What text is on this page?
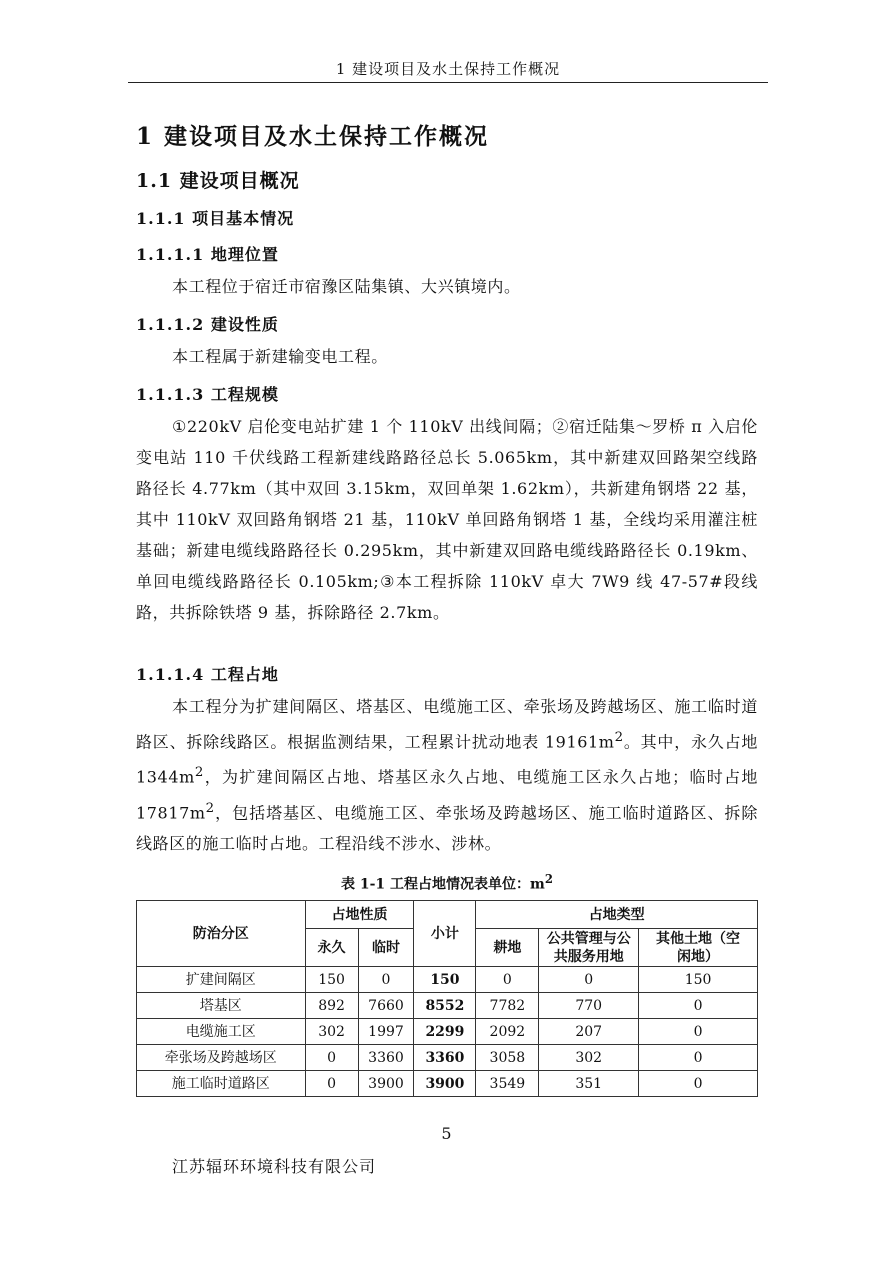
1 建设项目及水土保持工作概况
1 建设项目及水土保持工作概况
1.1 建设项目概况
1.1.1 项目基本情况
1.1.1.1 地理位置

本工程位于宿迁市宿豫区陆集镇、大兴镇境内。

1.1.1.2 建设性质

本工程属于新建输变电工程。

1.1.1.3 工程规模

①220kV 启伦变电站扩建 1 个 110kV 出线间隔；②宿迁陆集～罗桥 π 入启伦变电站 110 千伏线路工程新建线路路径总长 5.065km，其中新建双回路架空线路路径长 4.77km（其中双回 3.15km，双回单架 1.62km），共新建角钢塔 22 基，其中 110kV 双回路角钢塔 21 基，110kV 单回路角钢塔 1 基，全线均采用灌注桩基础；新建电缆线路路径长 0.295km，其中新建双回路电缆线路路径长 0.19km、单回电缆线路路径长 0.105km;③本工程拆除 110kV 卓大 7W9 线 47-57#段线路，共拆除铁塔 9 基，拆除路径 2.7km。

1.1.1.4 工程占地

本工程分为扩建间隔区、塔基区、电缆施工区、牵张场及跨越场区、施工临时道路区、拆除线路区。根据监测结果，工程累计扰动地表 $19161m^2$。其中，永久占地 $1344m^2$，为扩建间隔区占地、塔基区永久占地、电缆施工区永久占地；临时占地 $17817m^2$，包括塔基区、电缆施工区、牵张场及跨越场区、施工临时道路区、拆除线路区的施工临时占地。工程沿线不涉水、涉林。

表 1-1 工程占地情况表单位：$m^2$
防治分区	占地性质		小计	占地类型		
	永久	临时		耕地	公共管理与公共服务用地	其他土地（空闲地）
扩建间隔区	150	0	150	0	0	150
塔基区	892	7660	8552	7782	770	0
电缆施工区	302	1997	2299	2092	207	0
牵张场及跨越场区	0	3360	3360	3058	302	0
施工临时道路区	0	3900	3900	3549	351	0
5
江苏辐环环境科技有限公司
